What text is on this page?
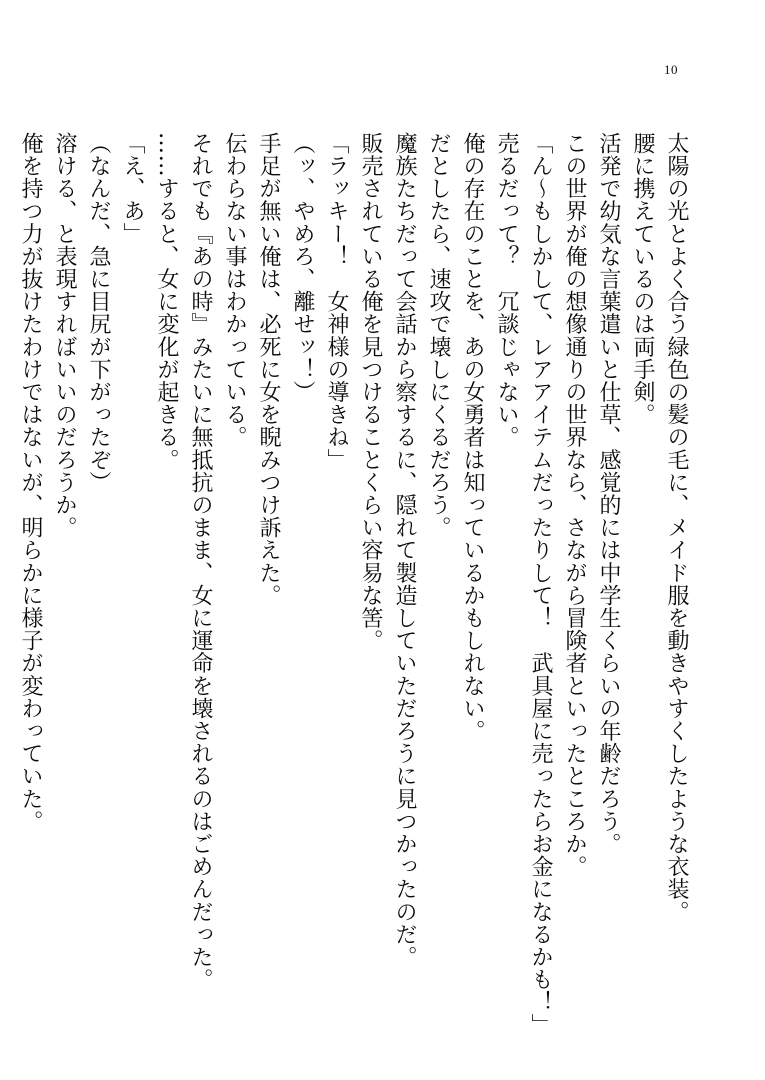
10
太陽の光とよく合う緑色の髪の毛に、メイド服を動きやすくしたような衣装。
腰に携えているのは両手剣。
活発で幼気な言葉遣いと仕草、感覚的には中学生くらいの年齢だろう。
この世界が俺の想像通りの世界なら、さながら冒険者といったところか。
「ん〜もしかして、レアアイテムだったりして！　武具屋に売ったらお金になるかも！」
売るだって？　冗談じゃない。
俺の存在のことを、あの女勇者は知っているかもしれない。
だとしたら、速攻で壊しにくるだろう。
魔族たちだって会話から察するに、隠れて製造していただろうに見つかったのだ。
販売されている俺を見つけることくらい容易な筈。
「ラッキー！　女神様の導きね」
（ッ、やめろ、離せッ！）
手足が無い俺は、必死に女を睨みつけ訴えた。
伝わらない事はわかっている。
それでも『あの時』みたいに無抵抗のまま、女に運命を壊されるのはごめんだった。
……すると、女に変化が起きる。
「え、あ」
（なんだ、急に目尻が下がったぞ）
溶ける、と表現すればいいのだろうか。
俺を持つ力が抜けたわけではないが、明らかに様子が変わっていた。
